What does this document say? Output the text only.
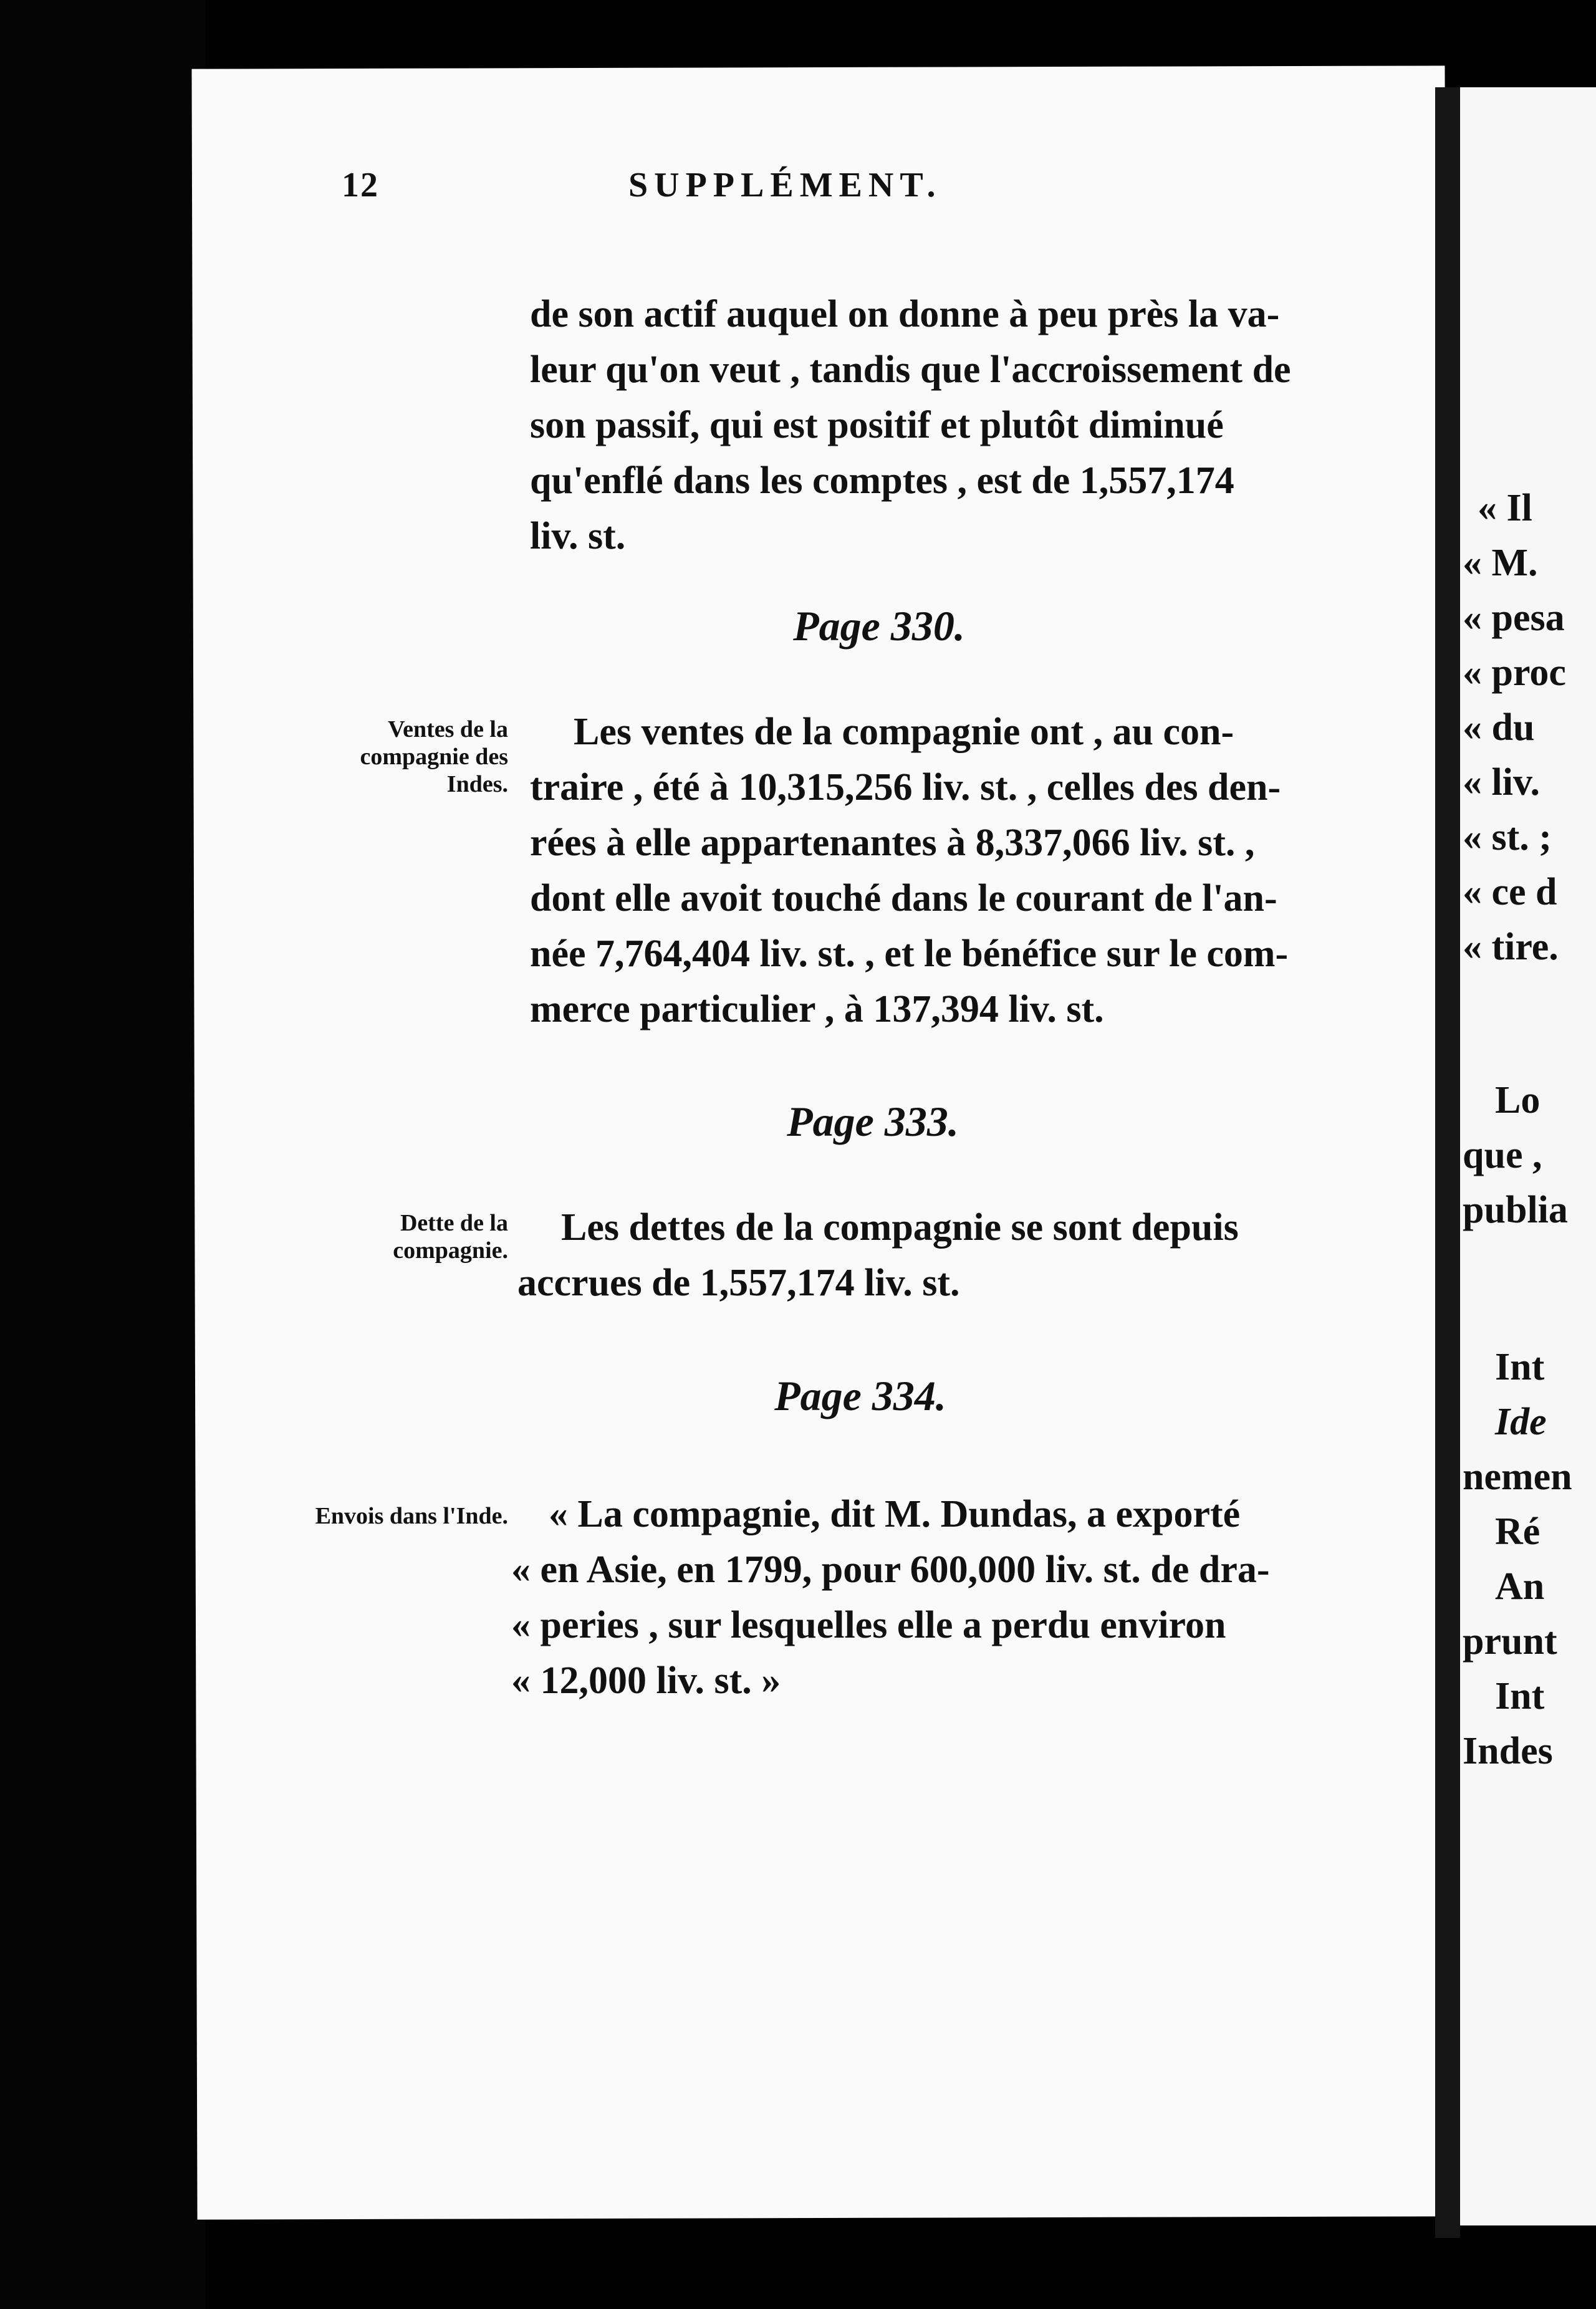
« Il
« M.
« pesa
« proc
« du
« liv.
« st. ;
« ce d
« tire.
Lo
que ,
publia
Int
Ide
nemen
Ré
An
prunt
Int
Indes
12	SUPPLÉMENT.

de son actif auquel on donne à peu près la va-

leur qu'on veut , tandis que l'accroissement de

son passif, qui est positif et plutôt diminué

qu'enflé dans les comptes , est de 1,557,174

liv. st.

Page 330.
Ventes de la compagnie des Indes.

Les ventes de la compagnie ont , au con-

traire , été à 10,315,256 liv. st. , celles des den-

rées à elle appartenantes à 8,337,066 liv. st. ,

dont elle avoit touché dans le courant de l'an-

née 7,764,404 liv. st. , et le bénéfice sur le com-

merce particulier , à 137,394 liv. st.

Page 333.
Dette de la compagnie.

Les dettes de la compagnie se sont depuis

accrues de 1,557,174 liv. st.

Page 334.
Envois dans l'Inde.	« La compagnie, dit M. Dundas, a exporté

« en Asie, en 1799, pour 600,000 liv. st. de dra-

« peries , sur lesquelles elle a perdu environ

« 12,000 liv. st. »
